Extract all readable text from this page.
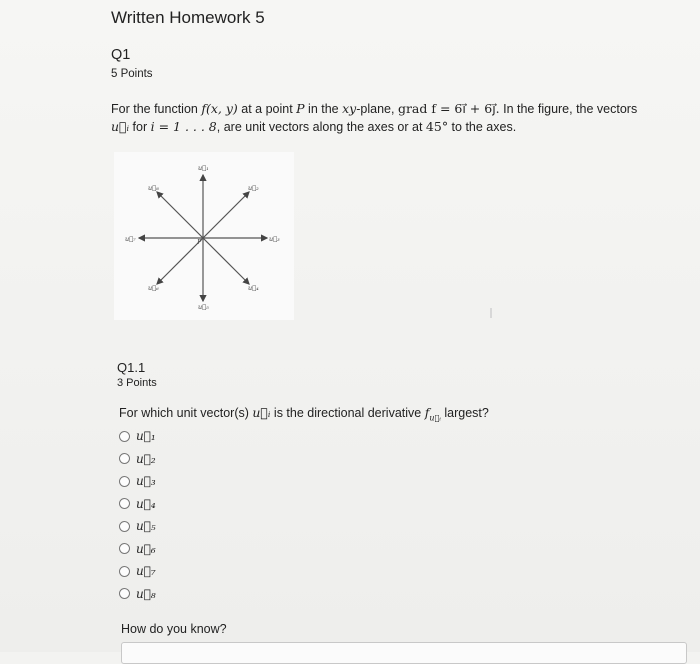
Written Homework 5
Q1
5 Points
For the function f(x, y) at a point P in the xy-plane, grad f = 6i⃗ + 6j⃗. In the figure, the vectors
u⃗ᵢ for i = 1 . . . 8, are unit vectors along the axes or at 45° to the axes.
u⃗₁
u⃗₂
u⃗₃
u⃗₄
u⃗₅
u⃗₆
u⃗₇
u⃗₈
P
Q1.1
3 Points
For which unit vector(s) u⃗ᵢ is the directional derivative $f_{u⃗ᵢ}$ largest?
u⃗₁
u⃗₂
u⃗₃
u⃗₄
u⃗₅
u⃗₆
u⃗₇
u⃗₈
How do you know?
